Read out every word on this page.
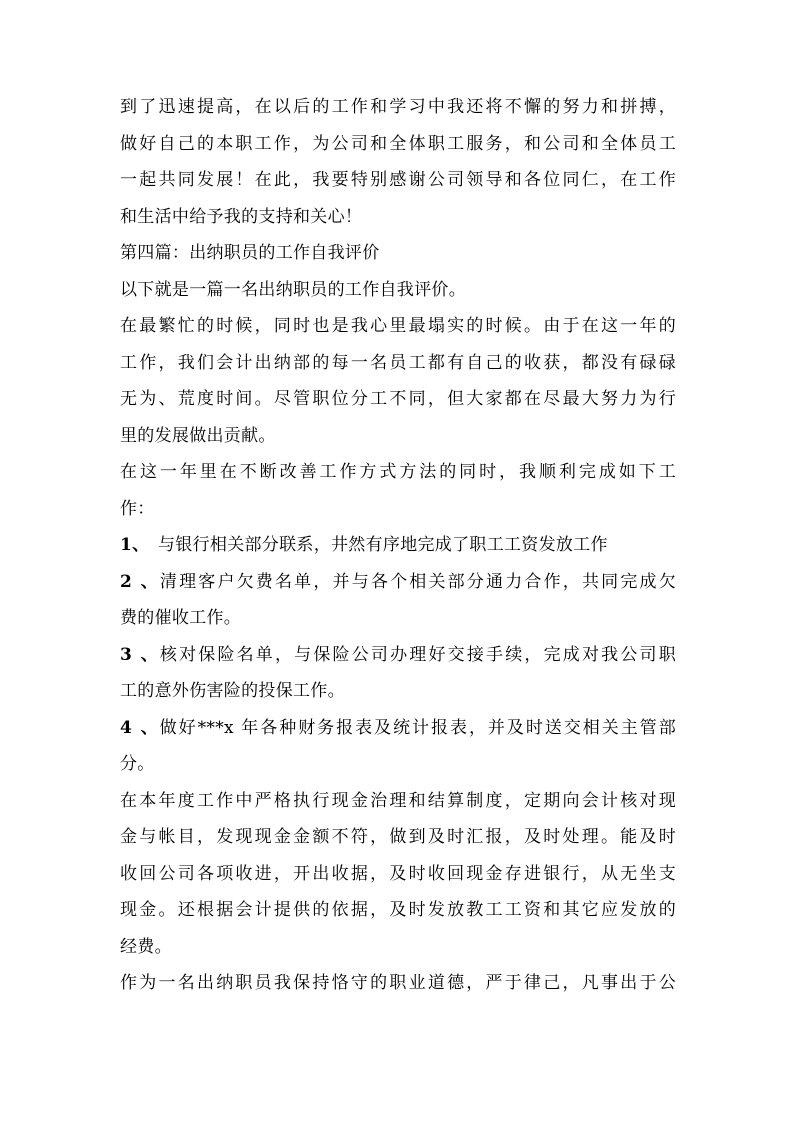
到了迅速提高，在以后的工作和学习中我还将不懈的努力和拼搏，
做好自己的本职工作，为公司和全体职工服务，和公司和全体员工
一起共同发展！在此，我要特别感谢公司领导和各位同仁，在工作
和生活中给予我的支持和关心！
第四篇：出纳职员的工作自我评价
以下就是一篇一名出纳职员的工作自我评价。
在最繁忙的时候，同时也是我心里最塌实的时候。由于在这一年的
工作，我们会计出纳部的每一名员工都有自己的收获，都没有碌碌
无为、荒度时间。尽管职位分工不同，但大家都在尽最大努力为行
里的发展做出贡献。
在这一年里在不断改善工作方式方法的同时，我顺利完成如下工
作：
1、 与银行相关部分联系，井然有序地完成了职工工资发放工作
2、清理客户欠费名单，并与各个相关部分通力合作，共同完成欠
费的催收工作。
3、核对保险名单，与保险公司办理好交接手续，完成对我公司职
工的意外伤害险的投保工作。
4、做好***x 年各种财务报表及统计报表，并及时送交相关主管部
分。
在本年度工作中严格执行现金治理和结算制度，定期向会计核对现
金与帐目，发现现金金额不符，做到及时汇报，及时处理。能及时
收回公司各项收进，开出收据，及时收回现金存进银行，从无坐支
现金。还根据会计提供的依据，及时发放教工工资和其它应发放的
经费。
作为一名出纳职员我保持恪守的职业道德，严于律己，凡事出于公
